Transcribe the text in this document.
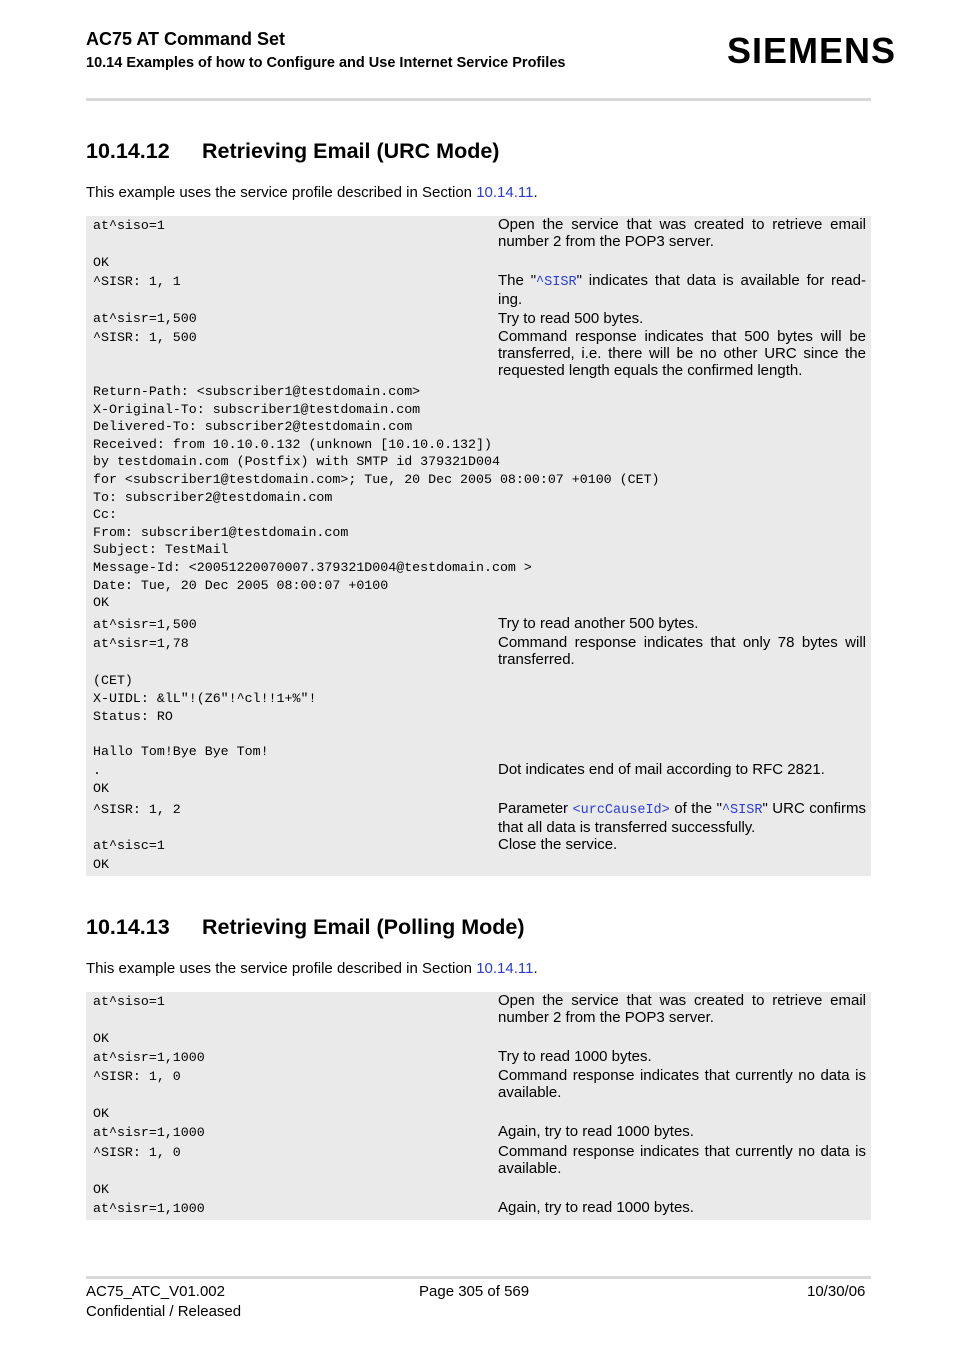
AC75 AT Command Set
10.14 Examples of how to Configure and Use Internet Service Profiles	SIEMENS
10.14.12 Retrieving Email (URC Mode)
This example uses the service profile described in Section 10.14.11.
at^siso=1	Open the service that was created to retrieve email number 2 from the POP3 server.
OK
^SISR: 1, 1	The "^SISR" indicates that data is available for read-ing.
at^sisr=1,500	Try to read 500 bytes.
^SISR: 1, 500	Command response indicates that 500 bytes will be transferred, i.e. there will be no other URC since the requested length equals the confirmed length.
Return-Path: <subscriber1@testdomain.com>
X-Original-To: subscriber1@testdomain.com
Delivered-To: subscriber2@testdomain.com
Received: from 10.10.0.132 (unknown [10.10.0.132])
by testdomain.com (Postfix) with SMTP id 379321D004
for <subscriber1@testdomain.com>; Tue, 20 Dec 2005 08:00:07 +0100 (CET)
To: subscriber2@testdomain.com
Cc:
From: subscriber1@testdomain.com
Subject: TestMail
Message-Id: <20051220070007.379321D004@testdomain.com >
Date: Tue, 20 Dec 2005 08:00:07 +0100
OK
at^sisr=1,500	Try to read another 500 bytes.
at^sisr=1,78	Command response indicates that only 78 bytes will transferred.
(CET)
X-UIDL: &lL"!(Z6"!^cl!!1+%"!
Status: RO

Hallo Tom!Bye Bye Tom!
.	Dot indicates end of mail according to RFC 2821.
OK
^SISR: 1, 2	Parameter <urcCauseId> of the "^SISR" URC confirms that all data is transferred successfully.
at^sisc=1	Close the service.
OK
10.14.13 Retrieving Email (Polling Mode)
This example uses the service profile described in Section 10.14.11.
at^siso=1	Open the service that was created to retrieve email number 2 from the POP3 server.
OK
at^sisr=1,1000	Try to read 1000 bytes.
^SISR: 1, 0	Command response indicates that currently no data is available.
OK
at^sisr=1,1000	Again, try to read 1000 bytes.
^SISR: 1, 0	Command response indicates that currently no data is available.
OK
at^sisr=1,1000	Again, try to read 1000 bytes.
AC75_ATC_V01.002
Confidential / Released
Page 305 of 569	10/30/06
